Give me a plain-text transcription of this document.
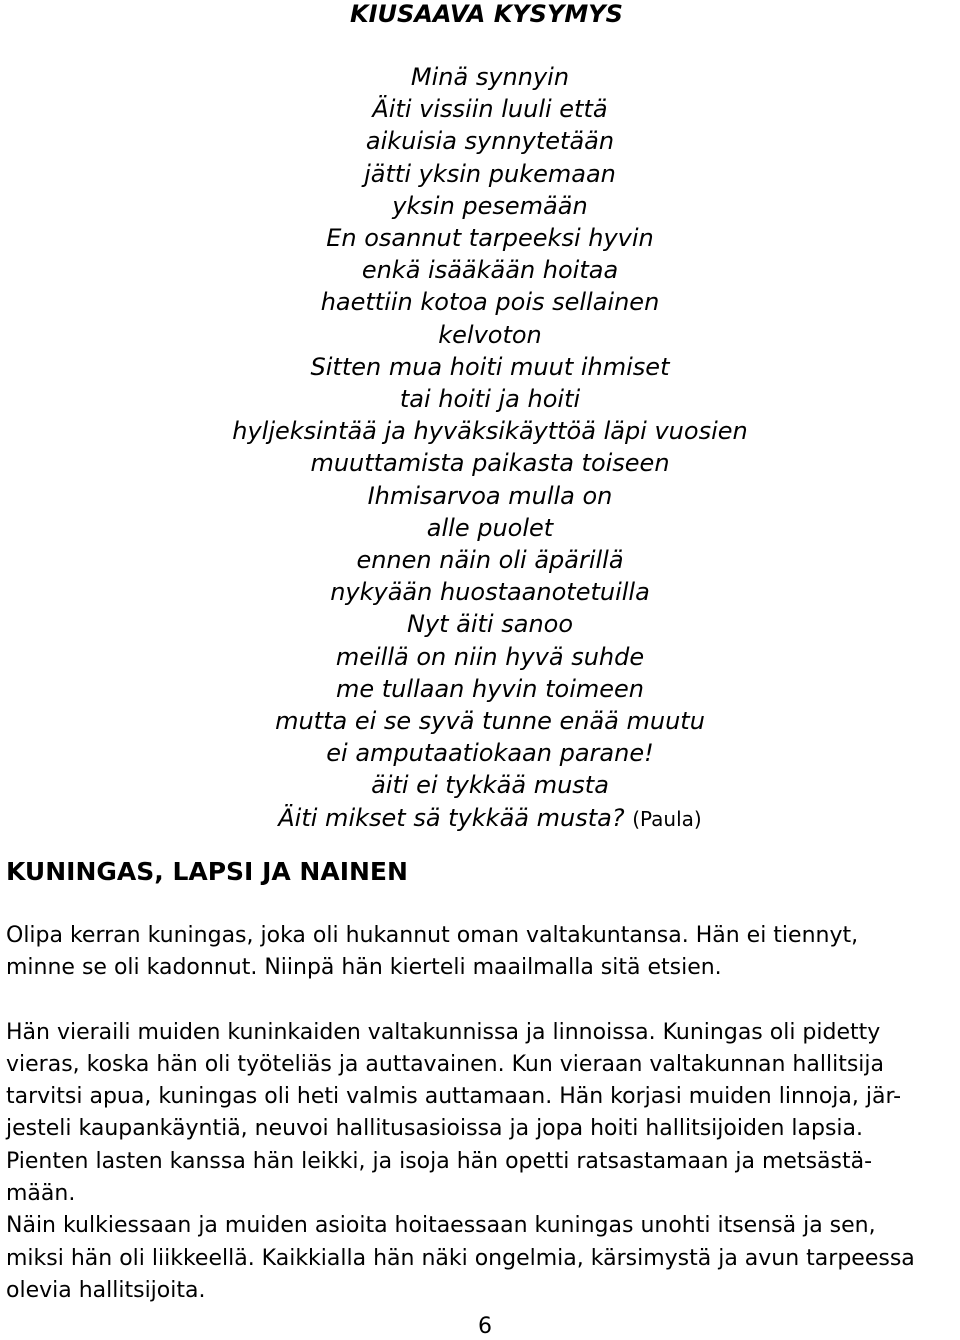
KIUSAAVA KYSYMYS
Minä synnyin
Äiti vissiin luuli että
aikuisia synnytetään
jätti yksin pukemaan
yksin pesemään
En osannut tarpeeksi hyvin
enkä isääkään hoitaa
haettiin kotoa pois sellainen
kelvoton
Sitten mua hoiti muut ihmiset
tai hoiti ja hoiti
hyljeksintää ja hyväksikäyttöä läpi vuosien
muuttamista paikasta toiseen
Ihmisarvoa mulla on
alle puolet
ennen näin oli äpärillä
nykyään huostaanotetuilla
Nyt äiti sanoo
meillä on niin hyvä suhde
me tullaan hyvin toimeen
mutta ei se syvä tunne enää muutu
ei amputaatiokaan parane!
äiti ei tykkää musta
Äiti mikset sä tykkää musta? (Paula)
KUNINGAS, LAPSI JA NAINEN

Olipa kerran kuningas, joka oli hukannut oman valtakuntansa. Hän ei tiennyt,
minne se oli kadonnut. Niinpä hän kierteli maailmalla sitä etsien.

Hän vieraili muiden kuninkaiden valtakunnissa ja linnoissa. Kuningas oli pidetty
vieras, koska hän oli työteliäs ja auttavainen. Kun vieraan valtakunnan hallitsija
tarvitsi apua, kuningas oli heti valmis auttamaan. Hän korjasi muiden linnoja, jär-
jesteli kaupankäyntiä, neuvoi hallitusasioissa ja jopa hoiti hallitsijoiden lapsia.
Pienten lasten kanssa hän leikki, ja isoja hän opetti ratsastamaan ja metsästä-
mään.

Näin kulkiessaan ja muiden asioita hoitaessaan kuningas unohti itsensä ja sen,
miksi hän oli liikkeellä. Kaikkialla hän näki ongelmia, kärsimystä ja avun tarpeessa
olevia hallitsijoita.

6
